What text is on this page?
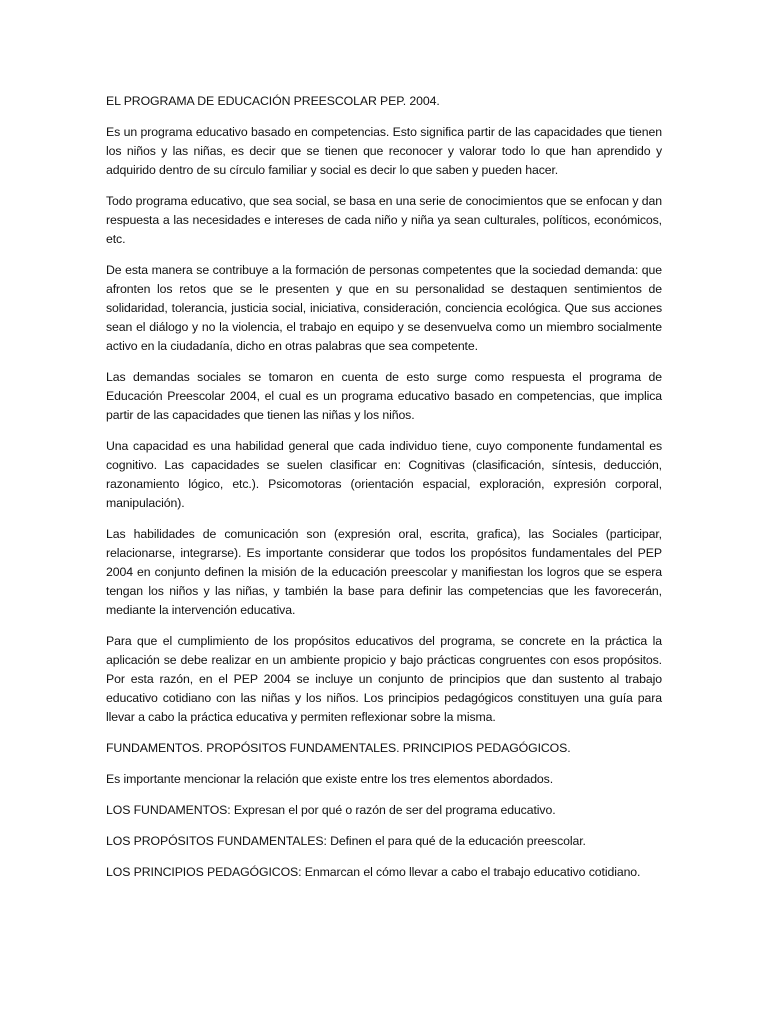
EL PROGRAMA DE EDUCACIÓN PREESCOLAR PEP. 2004.

Es un programa educativo basado en competencias. Esto significa partir de las capacidades que tienen los niños y las niñas, es decir que se tienen que reconocer y valorar todo lo que han aprendido y adquirido dentro de su círculo familiar y social es decir lo que saben y pueden hacer.

Todo programa educativo, que sea social, se basa en una serie de conocimientos que se enfocan y dan respuesta a las necesidades e intereses de cada niño y niña ya sean culturales, políticos, económicos, etc.

De esta manera se contribuye a la formación de personas competentes que la sociedad demanda: que afronten los retos que se le presenten y que en su personalidad se destaquen sentimientos de solidaridad, tolerancia, justicia social, iniciativa, consideración, conciencia ecológica. Que sus acciones sean el diálogo y no la violencia, el trabajo en equipo y se desenvuelva como un miembro socialmente activo en la ciudadanía, dicho en otras palabras que sea competente.

Las demandas sociales se tomaron en cuenta de esto surge como respuesta el programa de Educación Preescolar 2004, el cual es un programa educativo basado en competencias, que implica partir de las capacidades que tienen las niñas y los niños.

Una capacidad es una habilidad general que cada individuo tiene, cuyo componente fundamental es cognitivo. Las capacidades se suelen clasificar en: Cognitivas (clasificación, síntesis, deducción, razonamiento lógico, etc.). Psicomotoras (orientación espacial, exploración, expresión corporal, manipulación).

Las habilidades de comunicación son (expresión oral, escrita, grafica), las Sociales (participar, relacionarse, integrarse). Es importante considerar que todos los propósitos fundamentales del PEP 2004 en conjunto definen la misión de la educación preescolar y manifiestan los logros que se espera tengan los niños y las niñas, y también la base para definir las competencias que les favorecerán, mediante la intervención educativa.

Para que el cumplimiento de los propósitos educativos del programa, se concrete en la práctica la aplicación se debe realizar en un ambiente propicio y bajo prácticas congruentes con esos propósitos. Por esta razón, en el PEP 2004 se incluye un conjunto de principios que dan sustento al trabajo educativo cotidiano con las niñas y los niños. Los principios pedagógicos constituyen una guía para llevar a cabo la práctica educativa y permiten reflexionar sobre la misma.

FUNDAMENTOS. PROPÓSITOS FUNDAMENTALES. PRINCIPIOS PEDAGÓGICOS.

Es importante mencionar la relación que existe entre los tres elementos abordados.

LOS FUNDAMENTOS: Expresan el por qué o razón de ser del programa educativo.

LOS PROPÓSITOS FUNDAMENTALES: Definen el para qué de la educación preescolar.

LOS PRINCIPIOS PEDAGÓGICOS: Enmarcan el cómo llevar a cabo el trabajo educativo cotidiano.
